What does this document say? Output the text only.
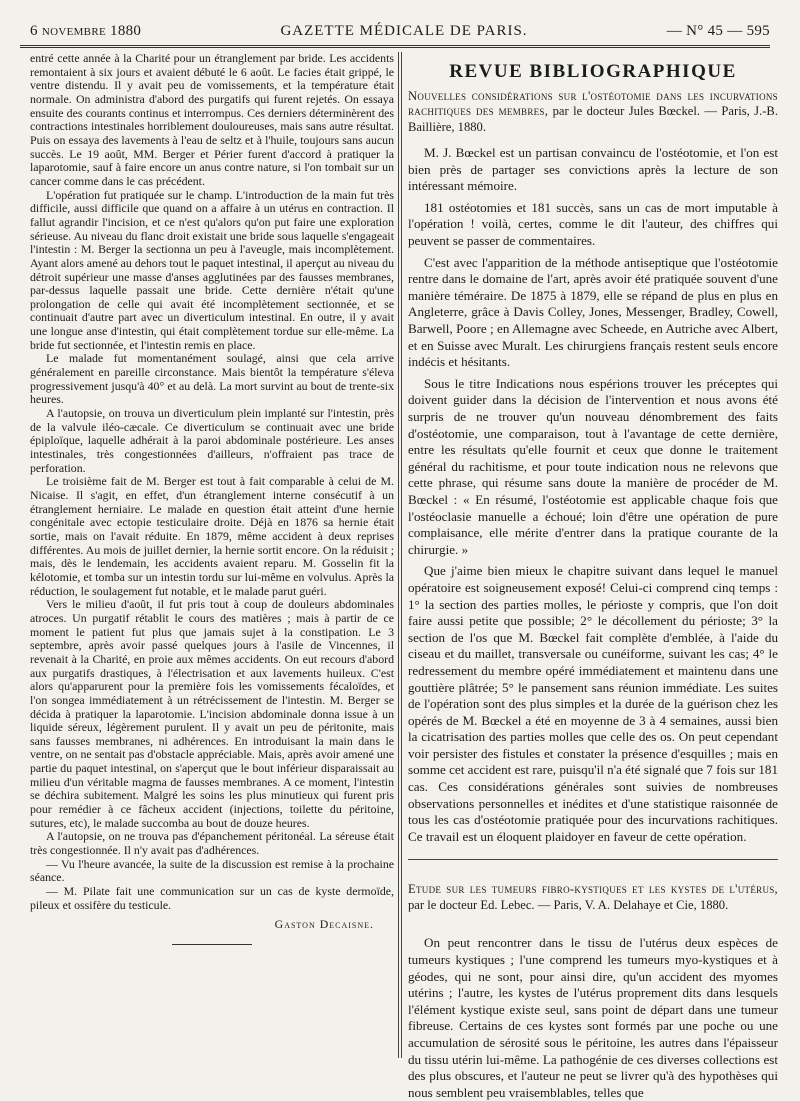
6 novembre 1880	GAZETTE MÉDICALE DE PARIS.	— N° 45 — 595

entré cette année à la Charité pour un étranglement par bride. Les accidents remontaient à six jours et avaient débuté le 6 août. Le facies était grippé, le ventre distendu. Il y avait peu de vomissements, et la température était normale. On administra d'abord des purgatifs qui furent rejetés. On essaya ensuite des courants continus et interrompus. Ces derniers déterminèrent des contractions intestinales horriblement douloureuses, mais sans autre résultat. Puis on essaya des lavements à l'eau de seltz et à l'huile, toujours sans aucun succès. Le 19 août, MM. Berger et Périer furent d'accord à pratiquer la laparotomie, sauf à faire encore un anus contre nature, si l'on tombait sur un cancer comme dans le cas précédent.

L'opération fut pratiquée sur le champ. L'introduction de la main fut très difficile, aussi difficile que quand on a affaire à un utérus en contraction. Il fallut agrandir l'incision, et ce n'est qu'alors qu'on put faire une exploration sérieuse. Au niveau du flanc droit existait une bride sous laquelle s'engageait l'intestin : M. Berger la sectionna un peu à l'aveugle, mais incomplètement. Ayant alors amené au dehors tout le paquet intestinal, il aperçut au niveau du détroit supérieur une masse d'anses agglutinées par des fausses membranes, par-dessus laquelle passait une bride. Cette dernière n'était qu'une prolongation de celle qui avait été incomplètement sectionnée, et se continuait d'autre part avec un diverticulum intestinal. En outre, il y avait une longue anse d'intestin, qui était complètement tordue sur elle-même. La bride fut sectionnée, et l'intestin remis en place.

Le malade fut momentanément soulagé, ainsi que cela arrive généralement en pareille circonstance. Mais bientôt la température s'éleva progressivement jusqu'à 40° et au delà. La mort survint au bout de trente-six heures.

A l'autopsie, on trouva un diverticulum plein implanté sur l'intestin, près de la valvule iléo-cæcale. Ce diverticulum se continuait avec une bride épiploïque, laquelle adhérait à la paroi abdominale postérieure. Les anses intestinales, très congestionnées d'ailleurs, n'offraient pas trace de perforation.

Le troisième fait de M. Berger est tout à fait comparable à celui de M. Nicaise. Il s'agit, en effet, d'un étranglement interne consécutif à un étranglement herniaire. Le malade en question était atteint d'une hernie congénitale avec ectopie testiculaire droite. Déjà en 1876 sa hernie était sortie, mais on l'avait réduite. En 1879, même accident à deux reprises différentes. Au mois de juillet dernier, la hernie sortit encore. On la réduisit ; mais, dès le lendemain, les accidents avaient reparu. M. Gosselin fit la kélotomie, et tomba sur un intestin tordu sur lui-même en volvulus. Après la réduction, le soulagement fut notable, et le malade parut guéri.

Vers le milieu d'août, il fut pris tout à coup de douleurs abdominales atroces. Un purgatif rétablit le cours des matières ; mais à partir de ce moment le patient fut plus que jamais sujet à la constipation. Le 3 septembre, après avoir passé quelques jours à l'asile de Vincennes, il revenait à la Charité, en proie aux mêmes accidents. On eut recours d'abord aux purgatifs drastiques, à l'électrisation et aux lavements huileux. C'est alors qu'apparurent pour la première fois les vomissements fécaloïdes, et l'on songea immédiatement à un rétrécissement de l'intestin. M. Berger se décida à pratiquer la laparotomie. L'incision abdominale donna issue à un liquide séreux, légèrement purulent. Il y avait un peu de péritonite, mais sans fausses membranes, ni adhérences. En introduisant la main dans le ventre, on ne sentait pas d'obstacle appréciable. Mais, après avoir amené une partie du paquet intestinal, on s'aperçut que le bout inférieur disparaissait au milieu d'un véritable magma de fausses membranes. A ce moment, l'intestin se déchira subitement. Malgré les soins les plus minutieux qui furent pris pour remédier à ce fâcheux accident (injections, toilette du péritoine, sutures, etc), le malade succomba au bout de douze heures.

A l'autopsie, on ne trouva pas d'épanchement péritonéal. La séreuse était très congestionnée. Il n'y avait pas d'adhérences.

— Vu l'heure avancée, la suite de la discussion est remise à la prochaine séance.

— M. Pilate fait une communication sur un cas de kyste dermoïde, pileux et ossifère du testicule.

Gaston Decaisne.
REVUE BIBLIOGRAPHIQUE

Nouvelles considérations sur l'ostéotomie dans les incurvations rachitiques des membres, par le docteur Jules Bœckel. — Paris, J.-B. Baillière, 1880.

M. J. Bœckel est un partisan convaincu de l'ostéotomie, et l'on est bien près de partager ses convictions après la lecture de son intéressant mémoire.

181 ostéotomies et 181 succès, sans un cas de mort imputable à l'opération ! voilà, certes, comme le dit l'auteur, des chiffres qui peuvent se passer de commentaires.

C'est avec l'apparition de la méthode antiseptique que l'ostéotomie rentre dans le domaine de l'art, après avoir été pratiquée souvent d'une manière téméraire. De 1875 à 1879, elle se répand de plus en plus en Angleterre, grâce à Davis Colley, Jones, Messenger, Bradley, Cowell, Barwell, Poore ; en Allemagne avec Scheede, en Autriche avec Albert, et en Suisse avec Muralt. Les chirurgiens français restent seuls encore indécis et hésitants.

Sous le titre Indications nous espérions trouver les préceptes qui doivent guider dans la décision de l'intervention et nous avons été surpris de ne trouver qu'un nouveau dénombrement des faits d'ostéotomie, une comparaison, tout à l'avantage de cette dernière, entre les résultats qu'elle fournit et ceux que donne le traitement général du rachitisme, et pour toute indication nous ne relevons que cette phrase, qui résume sans doute la manière de procéder de M. Bœckel : « En résumé, l'ostéotomie est applicable chaque fois que l'ostéoclasie manuelle a échoué; loin d'être une opération de pure complaisance, elle mérite d'entrer dans la pratique courante de la chirurgie. »

Que j'aime bien mieux le chapitre suivant dans lequel le manuel opératoire est soigneusement exposé! Celui-ci comprend cinq temps : 1° la section des parties molles, le périoste y compris, que l'on doit faire aussi petite que possible; 2° le décollement du périoste; 3° la section de l'os que M. Bœckel fait complète d'emblée, à l'aide du ciseau et du maillet, transversale ou cunéiforme, suivant les cas; 4° le redressement du membre opéré immédiatement et maintenu dans une gouttière plâtrée; 5° le pansement sans réunion immédiate. Les suites de l'opération sont des plus simples et la durée de la guérison chez les opérés de M. Bœckel a été en moyenne de 3 à 4 semaines, aussi bien la cicatrisation des parties molles que celle des os. On peut cependant voir persister des fistules et constater la présence d'esquilles ; mais en somme cet accident est rare, puisqu'il n'a été signalé que 7 fois sur 181 cas. Ces considérations générales sont suivies de nombreuses observations personnelles et inédites et d'une statistique raisonnée de tous les cas d'ostéotomie pratiquée pour des incurvations rachitiques. Ce travail est un éloquent plaidoyer en faveur de cette opération.

Etude sur les tumeurs fibro-kystiques et les kystes de l'utérus, par le docteur Ed. Lebec. — Paris, V. A. Delahaye et Cie, 1880.

On peut rencontrer dans le tissu de l'utérus deux espèces de tumeurs kystiques ; l'une comprend les tumeurs myo-kystiques et à géodes, qui ne sont, pour ainsi dire, qu'un accident des myomes utérins ; l'autre, les kystes de l'utérus proprement dits dans lesquels l'élément kystique existe seul, sans point de départ dans une tumeur fibreuse. Certains de ces kystes sont formés par une poche ou une accumulation de sérosité sous le péritoine, les autres dans l'épaisseur du tissu utérin lui-même. La pathogénie de ces diverses collections est des plus obscures, et l'auteur ne peut se livrer qu'à des hypothèses qui nous semblent peu vraisemblables, telles que
